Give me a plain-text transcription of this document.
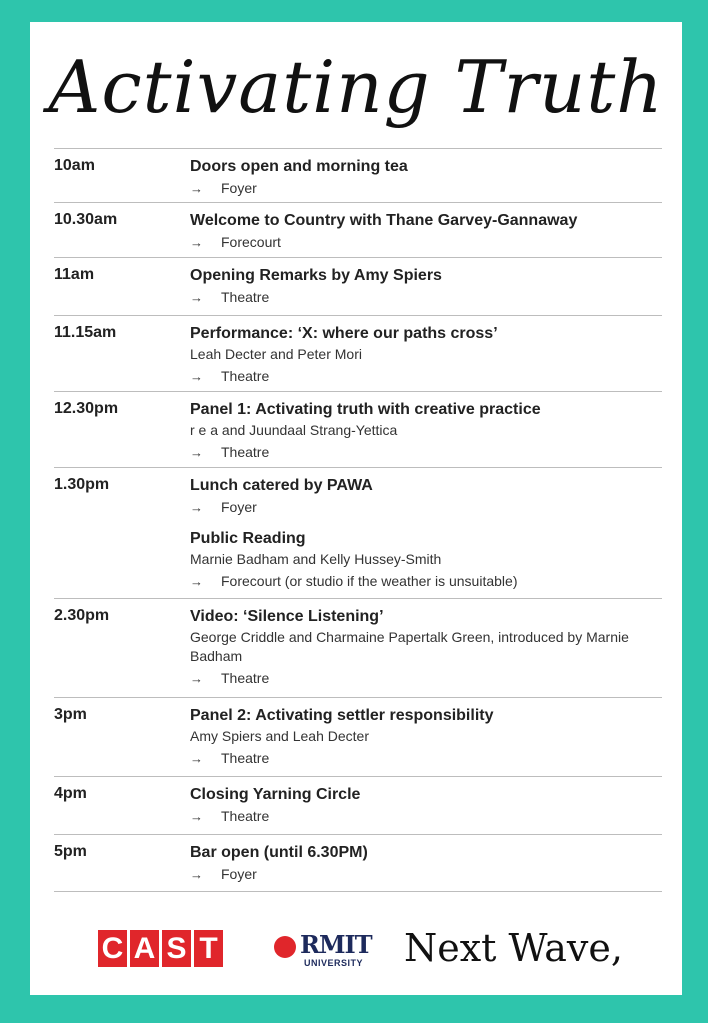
Activating Truth
10am	Doors open and morning tea
→ Foyer
10.30am	Welcome to Country with Thane Garvey-Gannaway
→ Forecourt
11am	Opening Remarks by Amy Spiers
→ Theatre
11.15am	Performance: ‘X: where our paths cross’
Leah Decter and Peter Mori
→ Theatre
12.30pm	Panel 1: Activating truth with creative practice
r e a and Juundaal Strang-Yettica
→ Theatre
1.30pm	Lunch catered by PAWA
→ Foyer
Public Reading
Marnie Badham and Kelly Hussey-Smith
→ Forecourt (or studio if the weather is unsuitable)
2.30pm	Video: ‘Silence Listening’
George Criddle and Charmaine Papertalk Green, introduced by Marnie Badham
→ Theatre
3pm	Panel 2: Activating settler responsibility
Amy Spiers and Leah Decter
→ Theatre
4pm	Closing Yarning Circle
→ Theatre
5pm	Bar open (until 6.30PM)
→ Foyer
C A S T	RMIT
UNIVERSITY Next Wave,
